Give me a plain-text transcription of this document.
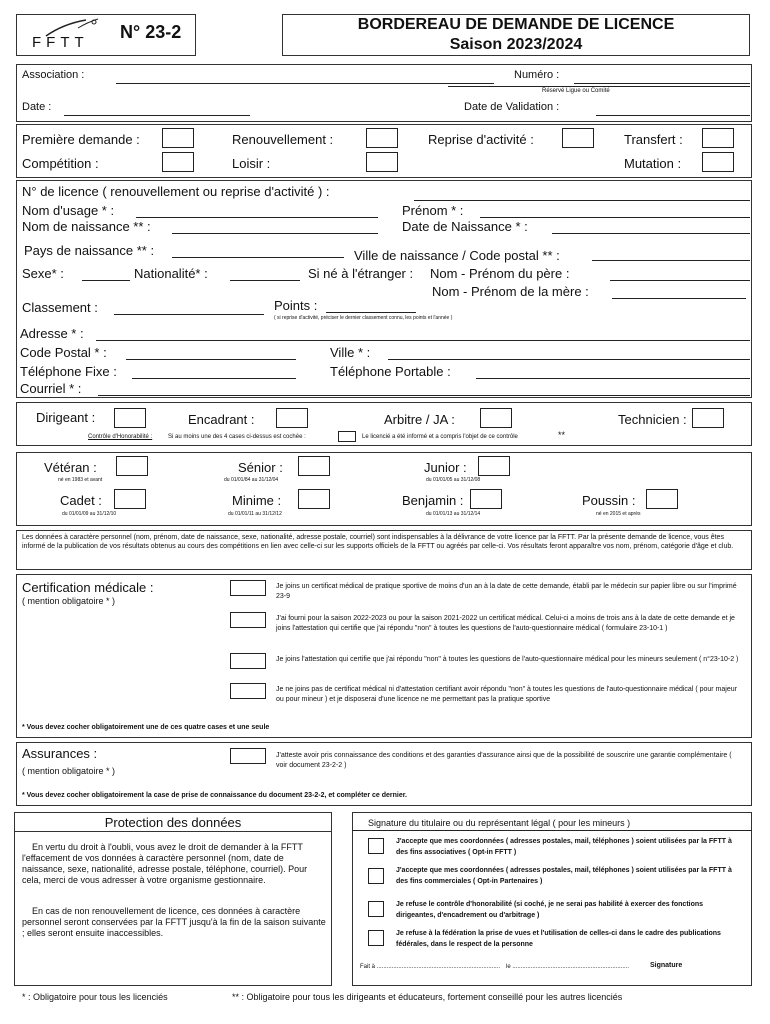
FFTT
N° 23-2	BORDEREAU DE DEMANDE DE LICENCE
Saison 2023/2024
Association :	Numéro :
Réservé Ligue ou Comité
Date :	Date de Validation :
Première demande :	Renouvellement :	Reprise d'activité :	Transfert :
Compétition :	Loisir :	Mutation :
N° de licence ( renouvellement ou reprise d'activité ) :
Nom d'usage * :	Prénom * :
Nom de naissance ** :	Date de Naissance * :
Pays de naissance ** :	Ville de naissance / Code postal ** :
Sexe* :	Nationalité* :	Si né à l'étranger : Nom - Prénom du père :
Nom - Prénom de la mère :
Classement :	Points :
( si reprise d'activité, préciser le dernier classement connu, les points et l'année )
Adresse * :
Code Postal * :	Ville * :
Téléphone Fixe :	Téléphone Portable :
Courriel * :
Dirigeant :	Encadrant :	Arbitre / JA :	Technicien :
Contrôle d'Honorabilité :	Si au moins une des 4 cases ci-dessus est cochée :	Le licencié a été informé et a compris l'objet de ce contrôle	**
Vétéran :
né en 1983 et avant
Sénior :
du 01/01/84 au 31/12/04
Junior :
du 01/01/05 au 31/12/08
Cadet :
du 01/01/09 au 31/12/10
Minime :
du 01/01/11 au 31/12/12
Benjamin :
du 01/01/13 au 31/12/14
Poussin :
né en 2015 et après
Les données à caractère personnel (nom, prénom, date de naissance, sexe, nationalité, adresse postale, courriel) sont indispensables à la délivrance de votre licence par la FFTT. Par la présente demande de licence, vous êtes informé de la publication de vos résultats obtenus au cours des compétitions en lien avec celle-ci sur les supports officiels de la FFTT ou agréés par celle-ci. Vos résultats feront apparaître vos nom, prénom, catégorie d'âge et club.
Certification médicale :
( mention obligatoire * )
Je joins un certificat médical de pratique sportive de moins d'un an à la date de cette demande, établi par le médecin sur papier libre ou sur l'imprimé 23-9
J'ai fourni pour la saison 2022-2023 ou pour la saison 2021-2022 un certificat médical. Celui-ci a moins de trois ans à la date de cette demande et je joins l'attestation qui certifie que j'ai répondu "non" à toutes les questions de l'auto-questionnaire médical ( formulaire 23-10-1 )
Je joins l'attestation qui certifie que j'ai répondu "non" à toutes les questions de l'auto-questionnaire médical pour les mineurs seulement ( n°23-10-2 )
Je ne joins pas de certificat médical ni d'attestation certifiant avoir répondu "non" à toutes les questions de l'auto-questionnaire médical ( pour majeur ou pour mineur ) et je disposerai d'une licence ne me permettant pas la pratique sportive
* Vous devez cocher obligatoirement une de ces quatre cases et une seule
Assurances :
( mention obligatoire * )
J'atteste avoir pris connaissance des conditions et des garanties d'assurance ainsi que de la possibilité de souscrire une garantie complémentaire ( voir document 23-2-2 )
* Vous devez cocher obligatoirement la case de prise de connaissance du document 23-2-2, et compléter ce dernier.
Protection des données
En vertu du droit à l'oubli, vous avez le droit de demander à la FFTT l'effacement de vos données à caractère personnel (nom, date de naissance, sexe, nationalité, adresse postale, téléphone, courriel). Pour cela, merci de vous adresser à votre organisme gestionnaire.
En cas de non renouvellement de licence, ces données à caractère personnel seront conservées par la FFTT jusqu'à la fin de la saison suivante ; elles seront ensuite inaccessibles.
Signature du titulaire ou du représentant légal ( pour les mineurs )
J'accepte que mes coordonnées ( adresses postales, mail, téléphones ) soient utilisées par la FFTT à des fins associatives ( Opt-in FFTT )
J'accepte que mes coordonnées ( adresses postales, mail, téléphones ) soient utilisées par la FFTT à des fins commerciales ( Opt-in Partenaires )
Je refuse le contrôle d'honorabilité (si coché, je ne serai pas habilité à exercer des fonctions dirigeantes, d'encadrement ou d'arbitrage )
Je refuse à la fédération la prise de vues et l'utilisation de celles-ci dans le cadre des publications fédérales, dans le respect de la personne
Fait à .......................................................................... le ......................................................................	Signature
* : Obligatoire pour tous les licenciés	** : Obligatoire pour tous les dirigeants et éducateurs, fortement conseillé pour les autres licenciés
